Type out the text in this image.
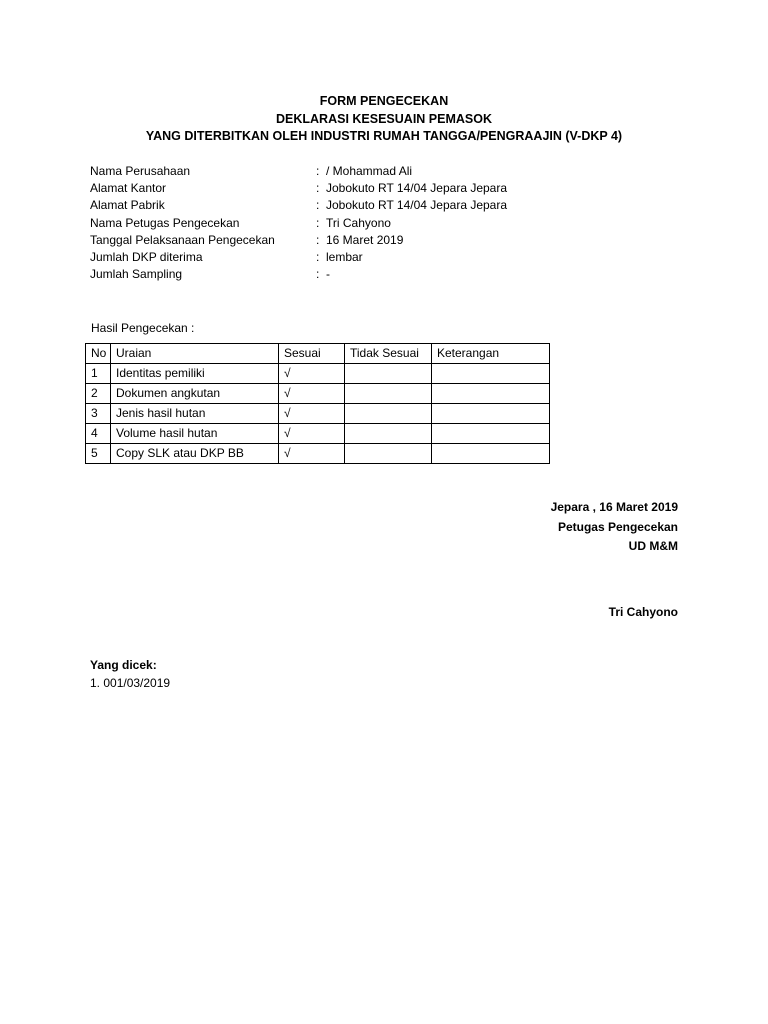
FORM PENGECEKAN
DEKLARASI KESESUAIN PEMASOK
YANG DITERBITKAN OLEH INDUSTRI RUMAH TANGGA/PENGRAAJIN (V-DKP 4)
Nama Perusahaan	: / Mohammad Ali
Alamat Kantor	: Jobokuto RT 14/04 Jepara Jepara
Alamat Pabrik	: Jobokuto RT 14/04 Jepara Jepara
Nama Petugas Pengecekan	: Tri Cahyono
Tanggal Pelaksanaan Pengecekan	: 16 Maret 2019
Jumlah DKP diterima	: lembar
Jumlah Sampling	: -
Hasil Pengecekan :
No	Uraian	Sesuai	Tidak Sesuai	Keterangan
1	Identitas pemiliki	√		
2	Dokumen angkutan	√		
3	Jenis hasil hutan	√		
4	Volume hasil hutan	√		
5	Copy SLK atau DKP BB	√		
Jepara , 16 Maret 2019
Petugas Pengecekan
UD M&M
Tri Cahyono
Yang dicek:
1. 001/03/2019
